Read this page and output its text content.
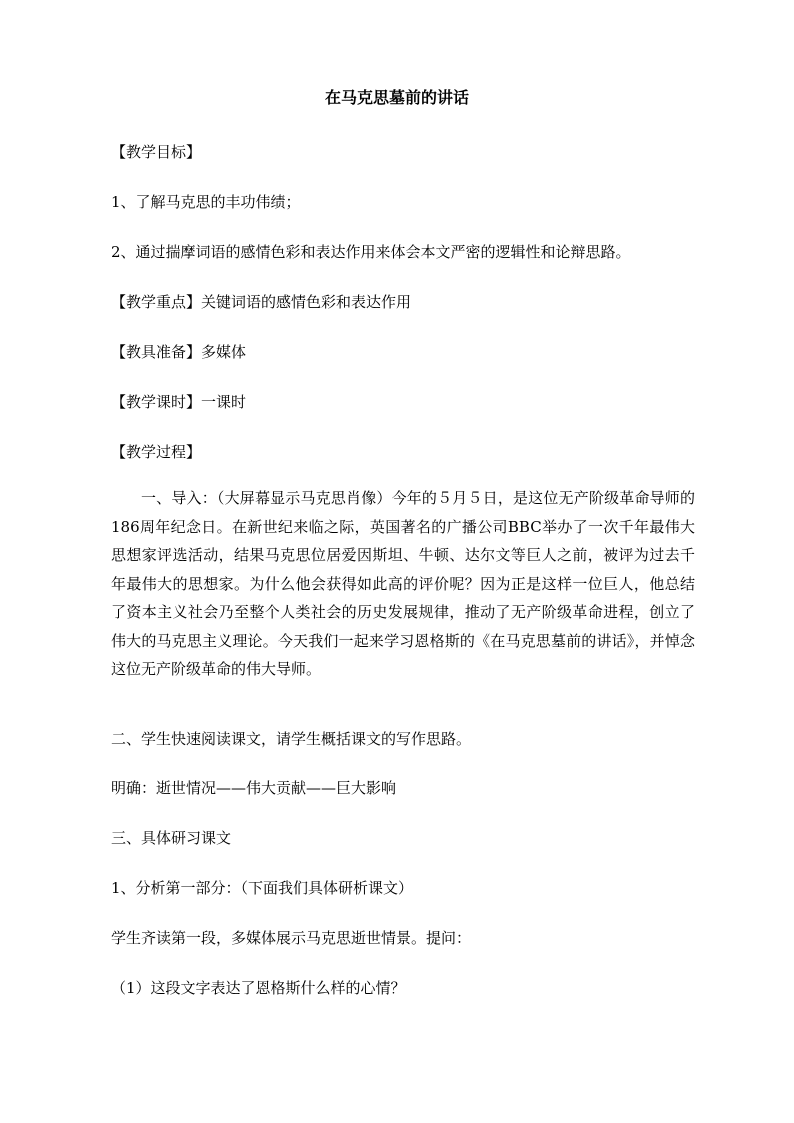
在马克思墓前的讲话
【教学目标】
1、了解马克思的丰功伟绩；
2、通过揣摩词语的感情色彩和表达作用来体会本文严密的逻辑性和论辩思路。
【教学重点】关键词语的感情色彩和表达作用
【教具准备】多媒体
【教学课时】一课时
【教学过程】
一、导入：（大屏幕显示马克思肖像）今年的５月５日，是这位无产阶级革命导师的186周年纪念日。在新世纪来临之际，英国著名的广播公司BBC举办了一次千年最伟大思想家评选活动，结果马克思位居爱因斯坦、牛顿、达尔文等巨人之前，被评为过去千年最伟大的思想家。为什么他会获得如此高的评价呢？因为正是这样一位巨人，他总结了资本主义社会乃至整个人类社会的历史发展规律，推动了无产阶级革命进程，创立了伟大的马克思主义理论。今天我们一起来学习恩格斯的《在马克思墓前的讲话》，并悼念这位无产阶级革命的伟大导师。
二、学生快速阅读课文，请学生概括课文的写作思路。
明确：逝世情况——伟大贡献——巨大影响
三、具体研习课文
1、分析第一部分：（下面我们具体研析课文）
学生齐读第一段，多媒体展示马克思逝世情景。提问：
（1）这段文字表达了恩格斯什么样的心情？
